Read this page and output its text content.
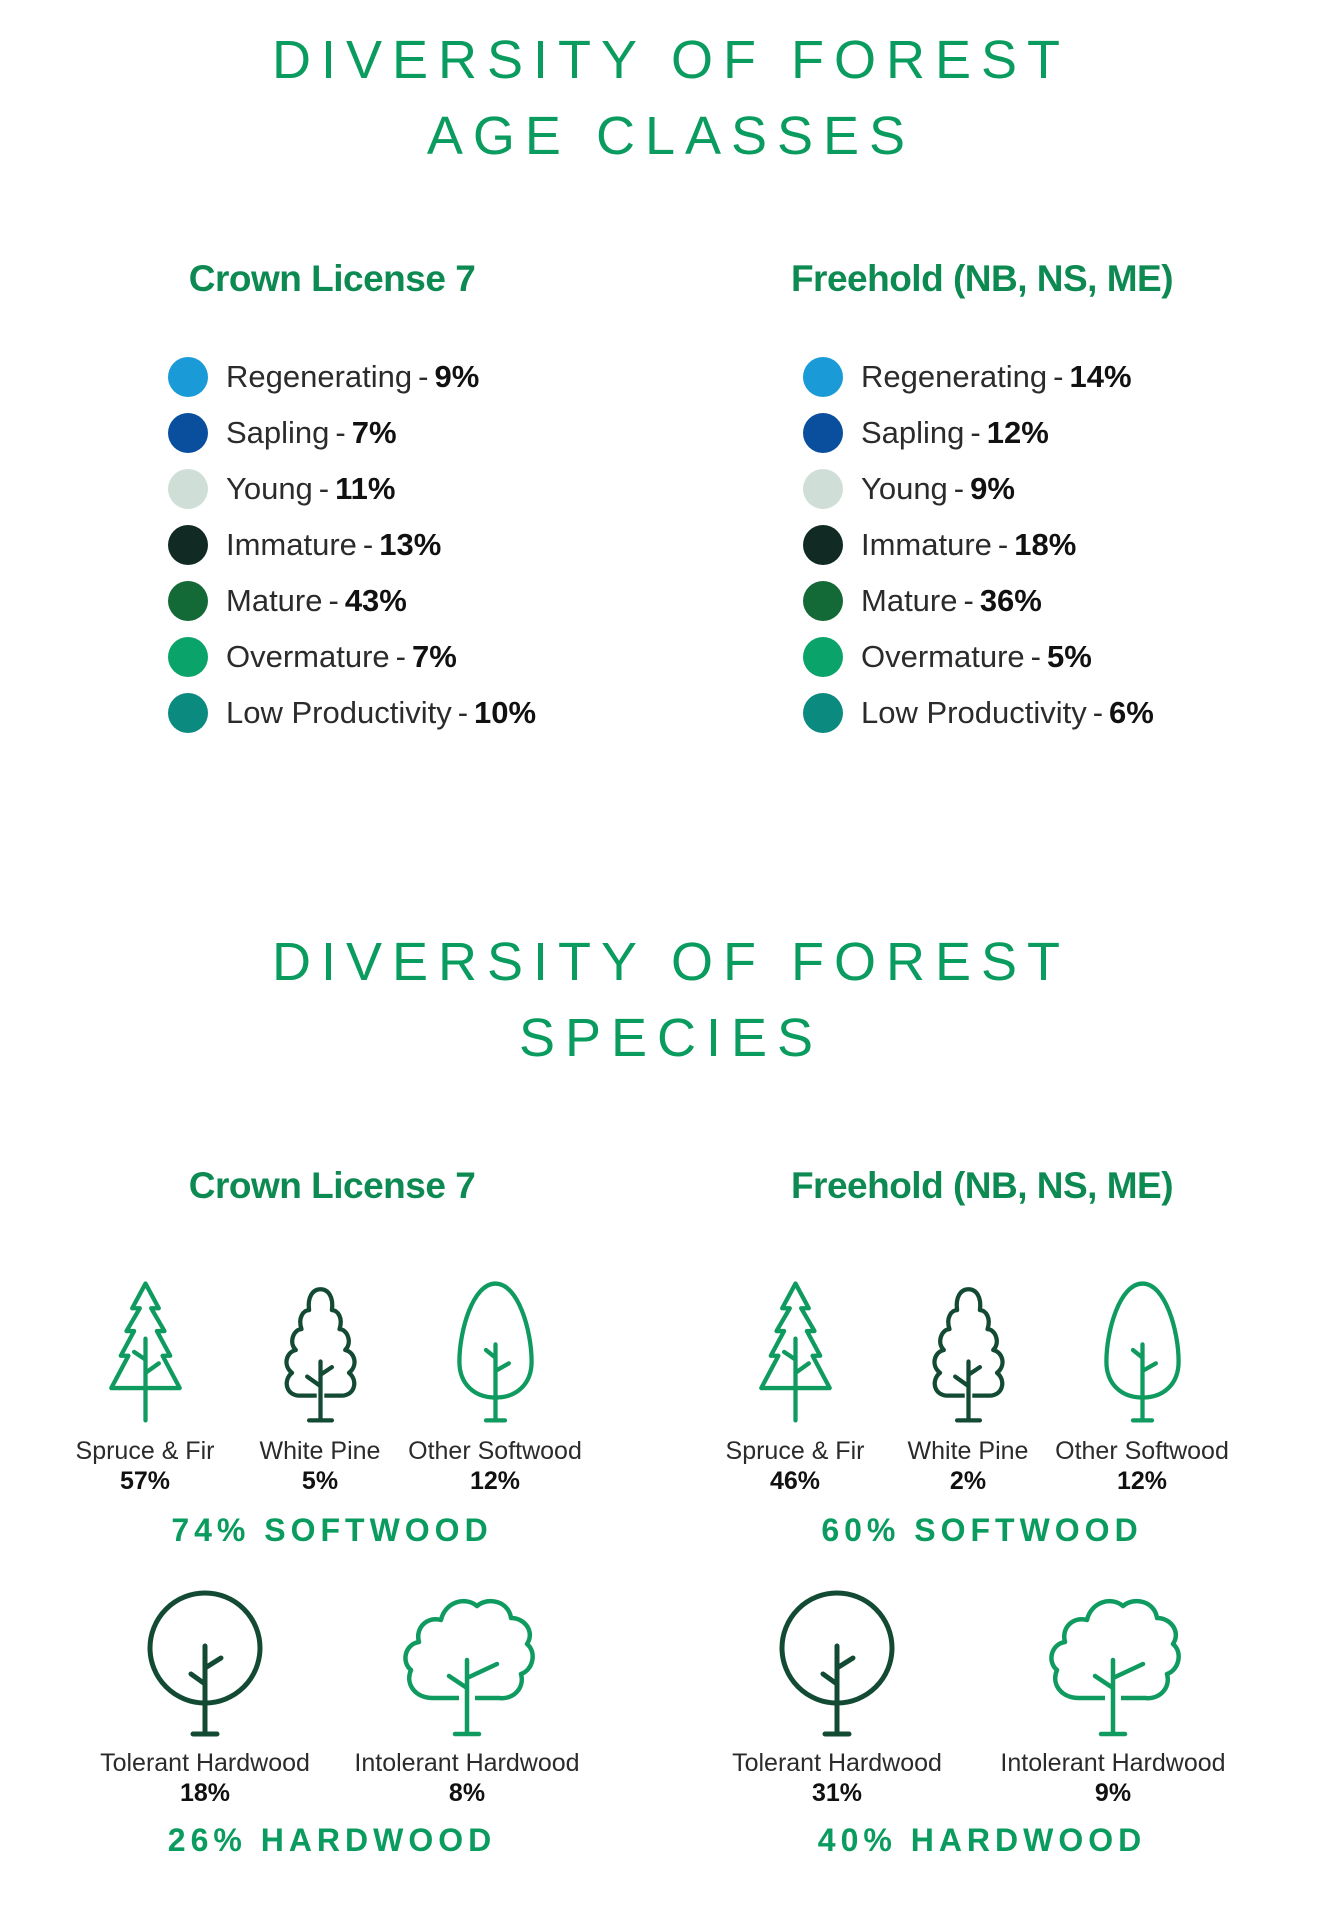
DIVERSITY OF FOREST
AGE CLASSES
Crown License 7	Freehold (NB, NS, ME)
Regenerating - 9%
Sapling - 7%
Young - 11%
Immature - 13%
Mature - 43%
Overmature - 7%
Low Productivity - 10%
Regenerating - 14%
Sapling - 12%
Young - 9%
Immature - 18%
Mature - 36%
Overmature - 5%
Low Productivity - 6%
DIVERSITY OF FOREST
SPECIES
Crown License 7	Freehold (NB, NS, ME)
Spruce & Fir
57%
White Pine
5%
Other Softwood
12%
74% SOFTWOOD
Spruce & Fir
46%
White Pine
2%
Other Softwood
12%
60% SOFTWOOD
Tolerant Hardwood
18%
Intolerant Hardwood
8%
26% HARDWOOD
Tolerant Hardwood
31%
Intolerant Hardwood
9%
40% HARDWOOD
